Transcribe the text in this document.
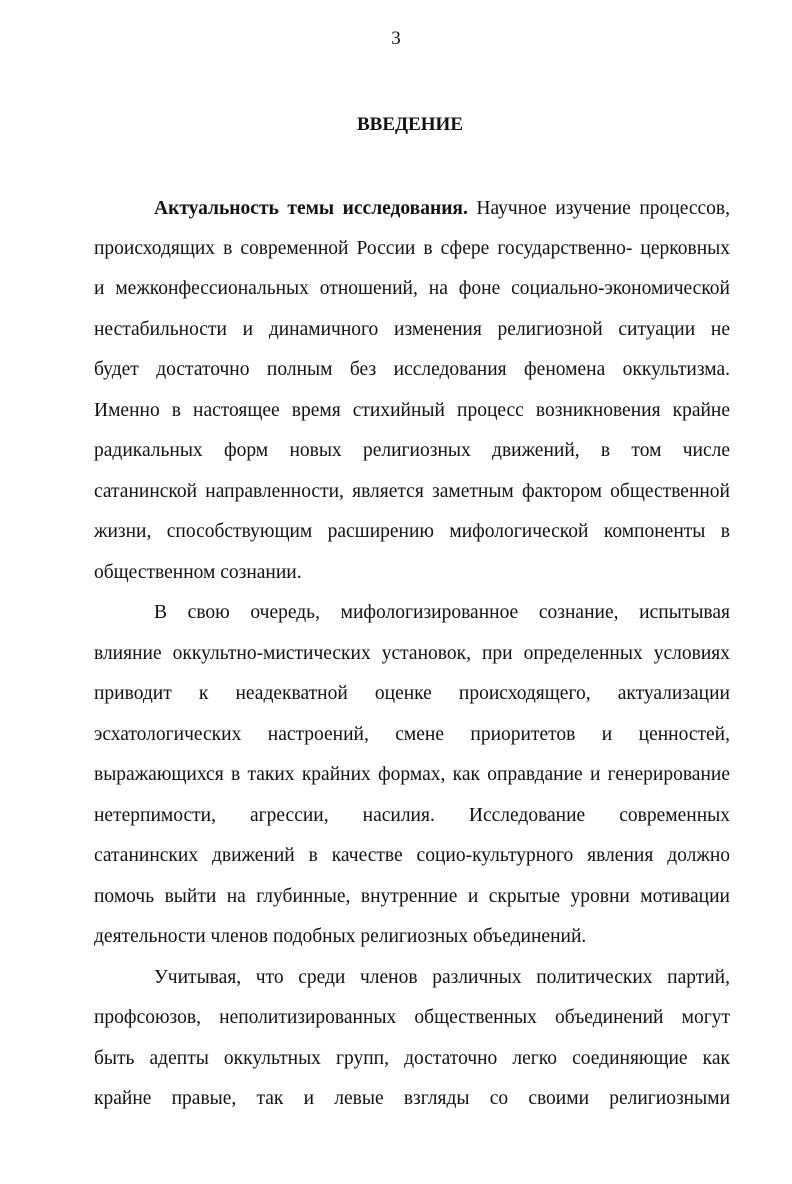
3
ВВЕДЕНИЕ
Актуальность темы исследования. Научное изучение процессов,
происходящих в современной России в сфере государственно- церковных
и межконфессиональных отношений, на фоне социально-экономической
нестабильности и динамичного изменения религиозной ситуации не
будет достаточно полным без исследования феномена оккультизма.
Именно в настоящее время стихийный процесс возникновения крайне
радикальных форм новых религиозных движений, в том числе
сатанинской направленности, является заметным фактором общественной
жизни, способствующим расширению мифологической компоненты в
общественном сознании.
В свою очередь, мифологизированное сознание, испытывая
влияние оккультно-мистических установок, при определенных условиях
приводит к неадекватной оценке происходящего, актуализации
эсхатологических настроений, смене приоритетов и ценностей,
выражающихся в таких крайних формах, как оправдание и генерирование
нетерпимости, агрессии, насилия. Исследование современных
сатанинских движений в качестве социо-культурного явления должно
помочь выйти на глубинные, внутренние и скрытые уровни мотивации
деятельности членов подобных религиозных объединений.
Учитывая, что среди членов различных политических партий,
профсоюзов, неполитизированных общественных объединений могут
быть адепты оккультных групп, достаточно легко соединяющие как
крайне правые, так и левые взгляды со своими религиозными
